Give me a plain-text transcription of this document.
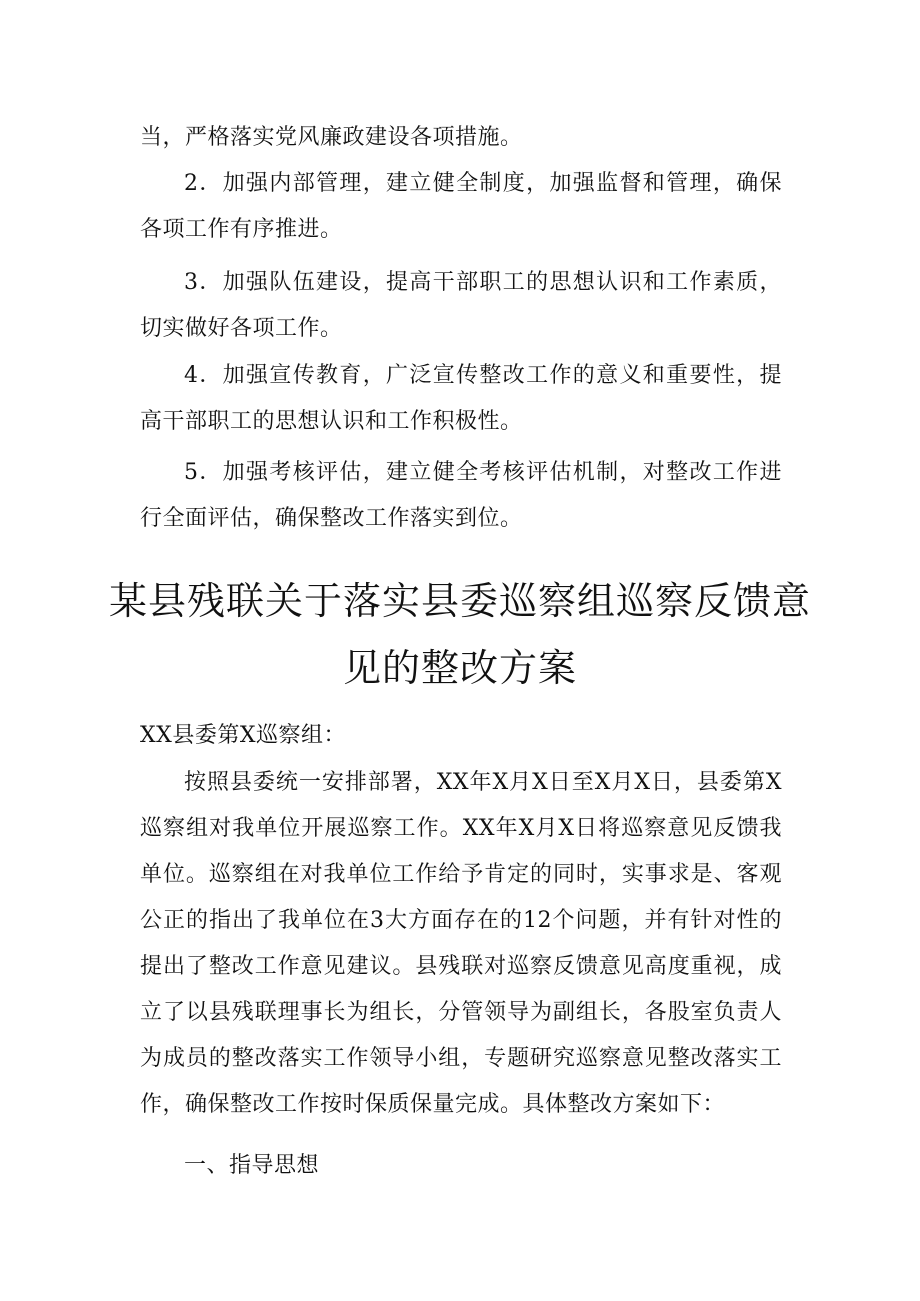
当，严格落实党风廉政建设各项措施。

2．加强内部管理，建立健全制度，加强监督和管理，确保各项工作有序推进。

3．加强队伍建设，提高干部职工的思想认识和工作素质，切实做好各项工作。

4．加强宣传教育，广泛宣传整改工作的意义和重要性，提高干部职工的思想认识和工作积极性。

5．加强考核评估，建立健全考核评估机制，对整改工作进行全面评估，确保整改工作落实到位。

某县残联关于落实县委巡察组巡察反馈意
见的整改方案

XX县委第X巡察组：

按照县委统一安排部署，XX年X月X日至X月X日，县委第X巡察组对我单位开展巡察工作。XX年X月X日将巡察意见反馈我单位。巡察组在对我单位工作给予肯定的同时，实事求是、客观公正的指出了我单位在3大方面存在的12个问题，并有针对性的提出了整改工作意见建议。县残联对巡察反馈意见高度重视，成立了以县残联理事长为组长，分管领导为副组长，各股室负责人为成员的整改落实工作领导小组，专题研究巡察意见整改落实工作，确保整改工作按时保质保量完成。具体整改方案如下：

一、指导思想
